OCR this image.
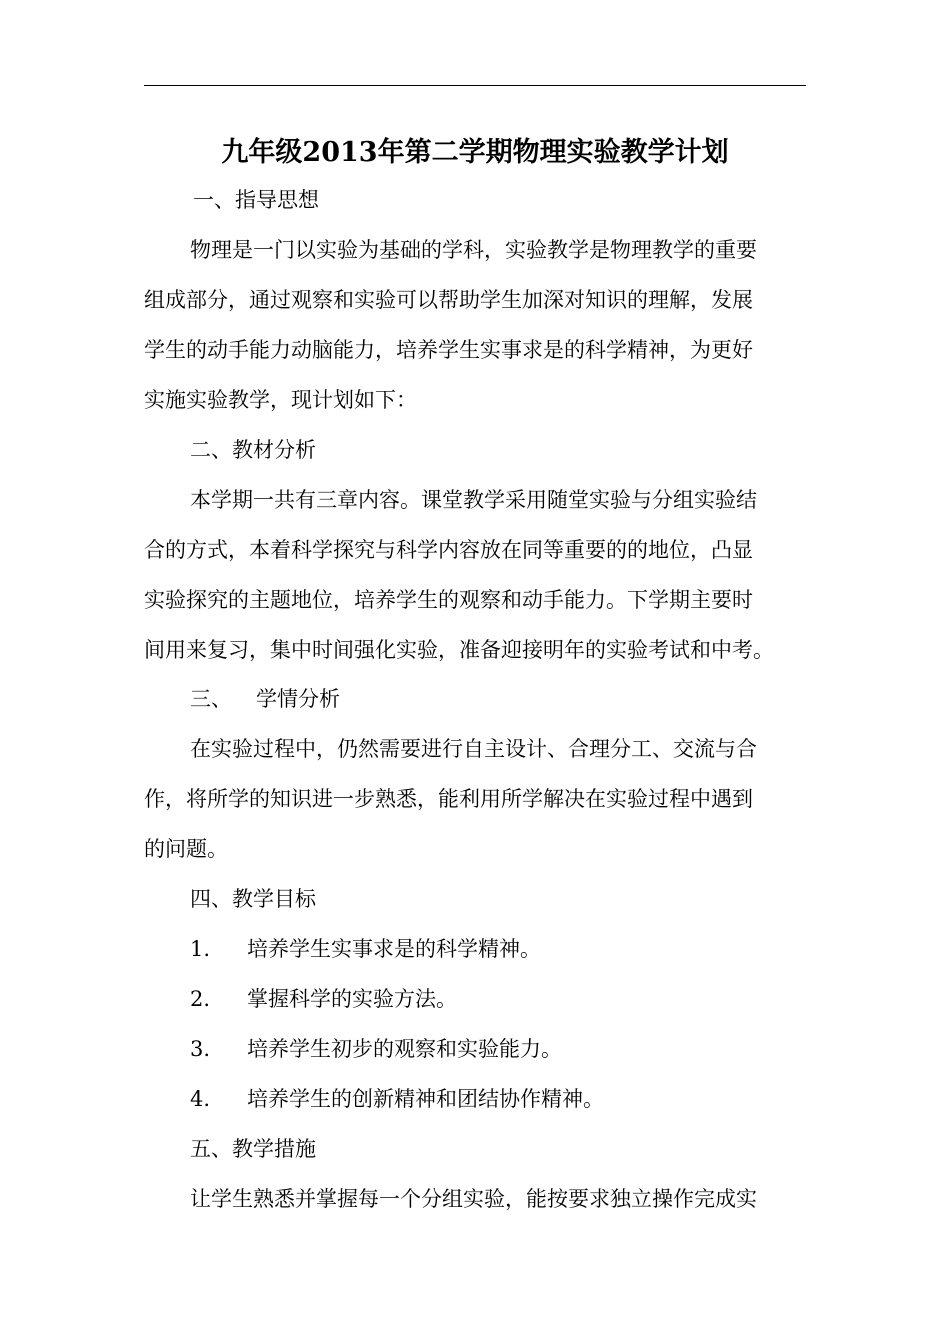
九年级2013年第二学期物理实验教学计划

一、指导思想

物理是一门以实验为基础的学科，实验教学是物理教学的重要

组成部分，通过观察和实验可以帮助学生加深对知识的理解，发展

学生的动手能力动脑能力，培养学生实事求是的科学精神，为更好

实施实验教学，现计划如下：

二、教材分析

本学期一共有三章内容。课堂教学采用随堂实验与分组实验结

合的方式，本着科学探究与科学内容放在同等重要的的地位，凸显

实验探究的主题地位，培养学生的观察和动手能力。下学期主要时

间用来复习，集中时间强化实验，准备迎接明年的实验考试和中考。

三、 学情分析

在实验过程中，仍然需要进行自主设计、合理分工、交流与合

作，将所学的知识进一步熟悉，能利用所学解决在实验过程中遇到

的问题。

四、教学目标

1. 培养学生实事求是的科学精神。

2. 掌握科学的实验方法。

3. 培养学生初步的观察和实验能力。

4. 培养学生的创新精神和团结协作精神。

五、教学措施

让学生熟悉并掌握每一个分组实验，能按要求独立操作完成实
